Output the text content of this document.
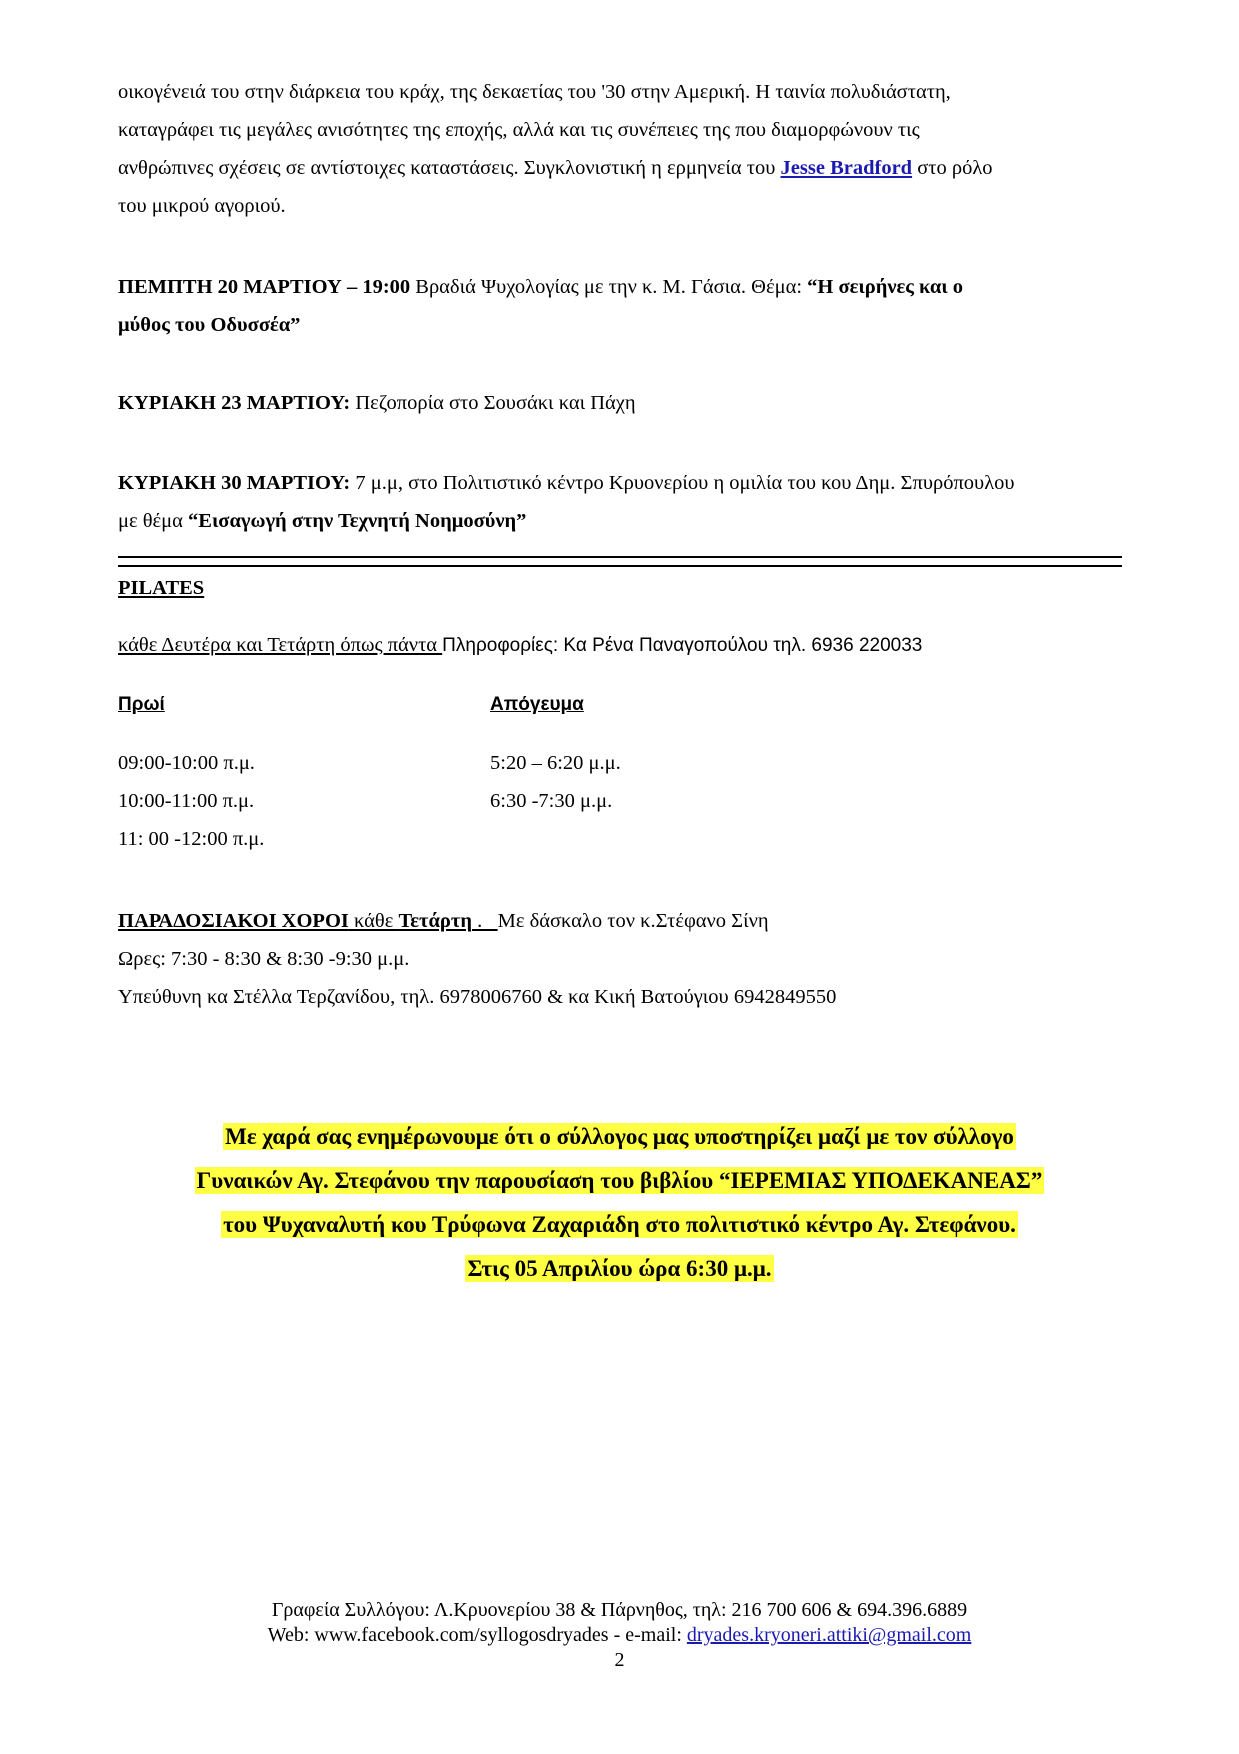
οικογένειά του στην διάρκεια του κράχ, της δεκαετίας του '30 στην Αμερική. Η ταινία πολυδιάστατη,
καταγράφει τις μεγάλες ανισότητες της εποχής, αλλά και τις συνέπειες της που διαμορφώνουν τις
ανθρώπινες σχέσεις σε αντίστοιχες καταστάσεις. Συγκλονιστική η ερμηνεία του Jesse Bradford στο ρόλο
του μικρού αγοριού.
ΠΕΜΠΤΗ 20 ΜΑΡΤΙΟΥ – 19:00 Βραδιά Ψυχολογίας με την κ. Μ. Γάσια. Θέμα: “Η σειρήνες και ο
μύθος του Οδυσσέα”
ΚΥΡΙΑΚΗ 23 ΜΑΡΤΙΟΥ: Πεζοπορία στο Σουσάκι και Πάχη
ΚΥΡΙΑΚΗ 30 ΜΑΡΤΙΟΥ: 7 μ.μ, στο Πολιτιστικό κέντρο Κρυονερίου η ομιλία του κου Δημ. Σπυρόπουλου
με θέμα “Εισαγωγή στην Τεχνητή Νοημοσύνη”
PILATES
κάθε Δευτέρα και Τετάρτη όπως πάντα Πληροφορίες: Κα Ρένα Παναγοπούλου τηλ. 6936 220033
Πρωί	Απόγευμα
09:00-10:00 π.μ.	5:20 – 6:20 μ.μ.
10:00-11:00 π.μ.	6:30 -7:30 μ.μ.
11: 00 -12:00 π.μ.
ΠΑΡΑΔΟΣΙΑΚΟΙ ΧΟΡΟΙ κάθε Τετάρτη .   Με δάσκαλο τον κ.Στέφανο Σίνη
Ωρες: 7:30 - 8:30 & 8:30 -9:30 μ.μ.
Υπεύθυνη κα Στέλλα Τερζανίδου, τηλ. 6978006760 & κα Κική Βατούγιου 6942849550
Με χαρά σας ενημέρωνουμε ότι ο σύλλογος μας υποστηρίζει μαζί με τον σύλλογο
Γυναικών Αγ. Στεφάνου την παρουσίαση του βιβλίου “ΙΕΡΕΜΙΑΣ ΥΠΟΔΕΚΑΝΕΑΣ”
του Ψυχαναλυτή κου Τρύφωνα Ζαχαριάδη στο πολιτιστικό κέντρο Αγ. Στεφάνου.
Στις 05 Απριλίου ώρα 6:30 μ.μ.
Γραφεία Συλλόγου: Λ.Κρυονερίου 38 & Πάρνηθος, τηλ: 216 700 606 & 694.396.6889
Web: www.facebook.com/syllogosdryades - e-mail: dryades.kryoneri.attiki@gmail.com
2
